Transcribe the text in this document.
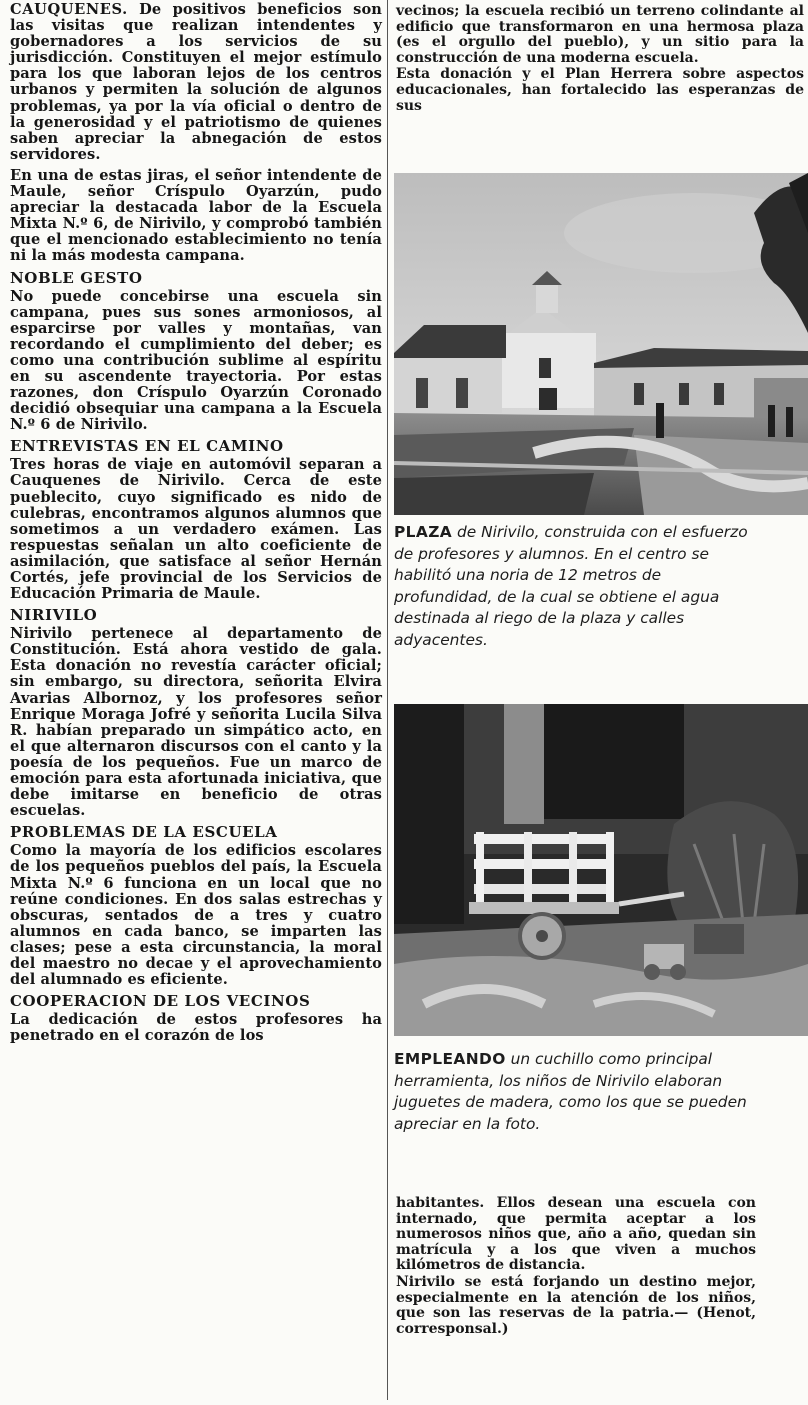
CAUQUENES. De positivos beneficios son las visitas que realizan intendentes y gobernadores a los servicios de su jurisdicción. Constituyen el mejor estímulo para los que laboran lejos de los centros urbanos y permiten la solución de algunos problemas, ya por la vía oficial o dentro de la generosidad y el patriotismo de quienes saben apreciar la abnegación de estos servidores.

En una de estas jiras, el señor intendente de Maule, señor Críspulo Oyarzún, pudo apreciar la destacada labor de la Escuela Mixta N.º 6, de Nirivilo, y comprobó también que el mencionado establecimiento no tenía ni la más modesta campana.

NOBLE GESTO

No puede concebirse una escuela sin campana, pues sus sones armoniosos, al esparcirse por valles y montañas, van recordando el cumplimiento del deber; es como una contribución sublime al espíritu en su ascendente trayectoria. Por estas razones, don Críspulo Oyarzún Coronado decidió obsequiar una campana a la Escuela N.º 6 de Nirivilo.

ENTREVISTAS EN EL CAMINO

Tres horas de viaje en automóvil separan a Cauquenes de Nirivilo. Cerca de este pueblecito, cuyo significado es nido de culebras, encontramos algunos alumnos que sometimos a un verdadero exámen. Las respuestas señalan un alto coeficiente de asimilación, que satisface al señor Hernán Cortés, jefe provincial de los Servicios de Educación Primaria de Maule.

NIRIVILO

Nirivilo pertenece al departamento de Constitución. Está ahora vestido de gala. Esta donación no revestía carácter oficial; sin embargo, su directora, señorita Elvira Avarias Albornoz, y los profesores señor Enrique Moraga Jofré y señorita Lucila Silva R. habían preparado un simpático acto, en el que alternaron discursos con el canto y la poesía de los pequeños. Fue un marco de emoción para esta afortunada iniciativa, que debe imitarse en beneficio de otras escuelas.

PROBLEMAS DE LA ESCUELA

Como la mayoría de los edificios escolares de los pequeños pueblos del país, la Escuela Mixta N.º 6 funciona en un local que no reúne condiciones. En dos salas estrechas y obscuras, sentados de a tres y cuatro alumnos en cada banco, se imparten las clases; pese a esta circunstancia, la moral del maestro no decae y el aprovechamiento del alumnado es eficiente.

COOPERACION DE LOS VECINOS

La dedicación de estos profesores ha penetrado en el corazón de los

vecinos; la escuela recibió un terreno colindante al edificio que transformaron en una hermosa plaza (es el orgullo del pueblo), y un sitio para la construcción de una moderna escuela.

Esta donación y el Plan Herrera sobre aspectos educacionales, han fortalecido las esperanzas de sus

PLAZA de Nirivilo, construida con el esfuerzo de profesores y alumnos. En el centro se habilitó una noria de 12 metros de profundidad, de la cual se obtiene el agua destinada al riego de la plaza y calles adyacentes.
EMPLEANDO un cuchillo como principal herramienta, los niños de Nirivilo elaboran juguetes de madera, como los que se pueden apreciar en la foto.

habitantes. Ellos desean una escuela con internado, que permita aceptar a los numerosos niños que, año a año, quedan sin matrícula y a los que viven a muchos kilómetros de distancia.

Nirivilo se está forjando un destino mejor, especialmente en la atención de los niños, que son las reservas de la patria.— (Henot, corresponsal.)
